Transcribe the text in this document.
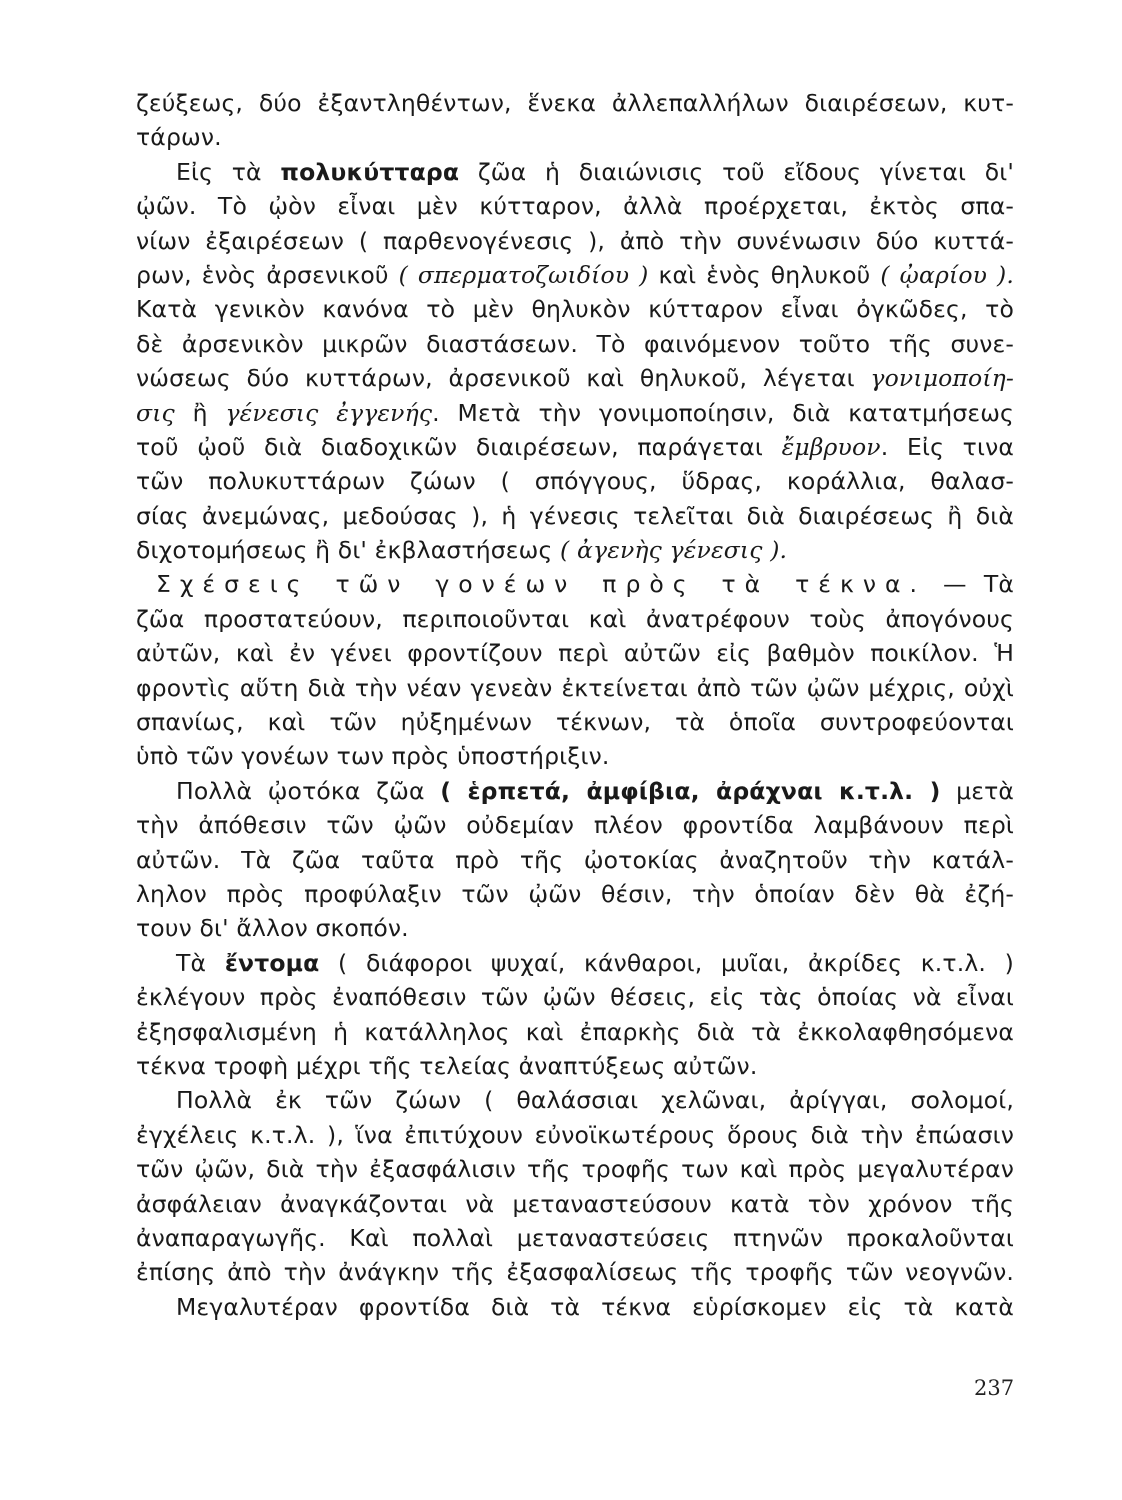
ζεύξεως, δύο ἐξαντληθέντων, ἕνεκα ἀλλεπαλλήλων διαιρέσεων, κυτ-
τάρων.
Εἰς τὰ πολυκύτταρα ζῶα ἡ διαιώνισις τοῦ εἴδους γίνεται δι'
ᾠῶν. Τὸ ᾠὸν εἶναι μὲν κύτταρον, ἀλλὰ προέρχεται, ἐκτὸς σπα-
νίων ἐξαιρέσεων ( παρθενογένεσις ), ἀπὸ τὴν συνένωσιν δύο κυττά-
ρων, ἑνὸς ἀρσενικοῦ ( σπερματοζωιδίου ) καὶ ἑνὸς θηλυκοῦ ( ᾠαρίου ).
Κατὰ γενικὸν κανόνα τὸ μὲν θηλυκὸν κύτταρον εἶναι ὀγκῶδες, τὸ
δὲ ἀρσενικὸν μικρῶν διαστάσεων. Τὸ φαινόμενον τοῦτο τῆς συνε-
νώσεως δύο κυττάρων, ἀρσενικοῦ καὶ θηλυκοῦ, λέγεται γονιμοποίη-
σις ἢ γένεσις ἐγγενής. Μετὰ τὴν γονιμοποίησιν, διὰ κατατμήσεως
τοῦ ᾠοῦ διὰ διαδοχικῶν διαιρέσεων, παράγεται ἔμβρυον. Εἰς τινα
τῶν πολυκυττάρων ζώων ( σπόγγους, ὕδρας, κοράλλια, θαλασ-
σίας ἀνεμώνας, μεδούσας ), ἡ γένεσις τελεῖται διὰ διαιρέσεως ἢ διὰ
διχοτομήσεως ἢ δι' ἐκβλαστήσεως ( ἀγενὴς γένεσις ).
Σχέσεις τῶν γονέων πρὸς τὰ τέκνα. — Τὰ
ζῶα προστατεύουν, περιποιοῦνται καὶ ἀνατρέφουν τοὺς ἀπογόνους
αὐτῶν, καὶ ἐν γένει φροντίζουν περὶ αὐτῶν εἰς βαθμὸν ποικίλον. Ἡ
φροντὶς αὕτη διὰ τὴν νέαν γενεὰν ἐκτείνεται ἀπὸ τῶν ᾠῶν μέχρις, οὐχὶ
σπανίως, καὶ τῶν ηὐξημένων τέκνων, τὰ ὁποῖα συντροφεύονται
ὑπὸ τῶν γονέων των πρὸς ὑποστήριξιν.
Πολλὰ ᾠοτόκα ζῶα ( ἑρπετά, ἀμφίβια, ἀράχναι κ.τ.λ. ) μετὰ
τὴν ἀπόθεσιν τῶν ᾠῶν οὐδεμίαν πλέον φροντίδα λαμβάνουν περὶ
αὐτῶν. Τὰ ζῶα ταῦτα πρὸ τῆς ᾠοτοκίας ἀναζητοῦν τὴν κατάλ-
ληλον πρὸς προφύλαξιν τῶν ᾠῶν θέσιν, τὴν ὁποίαν δὲν θὰ ἐζή-
τουν δι' ἄλλον σκοπόν.
Τὰ ἔντομα ( διάφοροι ψυχαί, κάνθαροι, μυῖαι, ἀκρίδες κ.τ.λ. )
ἐκλέγουν πρὸς ἐναπόθεσιν τῶν ᾠῶν θέσεις, εἰς τὰς ὁποίας νὰ εἶναι
ἐξησφαλισμένη ἡ κατάλληλος καὶ ἐπαρκὴς διὰ τὰ ἐκκολαφθησόμενα
τέκνα τροφὴ μέχρι τῆς τελείας ἀναπτύξεως αὐτῶν.
Πολλὰ ἐκ τῶν ζώων ( θαλάσσιαι χελῶναι, ἀρίγγαι, σολομοί,
ἐγχέλεις κ.τ.λ. ), ἵνα ἐπιτύχουν εὐνοϊκωτέρους ὅρους διὰ τὴν ἐπώασιν
τῶν ᾠῶν, διὰ τὴν ἐξασφάλισιν τῆς τροφῆς των καὶ πρὸς μεγαλυτέραν
ἀσφάλειαν ἀναγκάζονται νὰ μεταναστεύσουν κατὰ τὸν χρόνον τῆς
ἀναπαραγωγῆς. Καὶ πολλαὶ μεταναστεύσεις πτηνῶν προκαλοῦνται
ἐπίσης ἀπὸ τὴν ἀνάγκην τῆς ἐξασφαλίσεως τῆς τροφῆς τῶν νεογνῶν.
Μεγαλυτέραν φροντίδα διὰ τὰ τέκνα εὑρίσκομεν εἰς τὰ κατὰ
237
